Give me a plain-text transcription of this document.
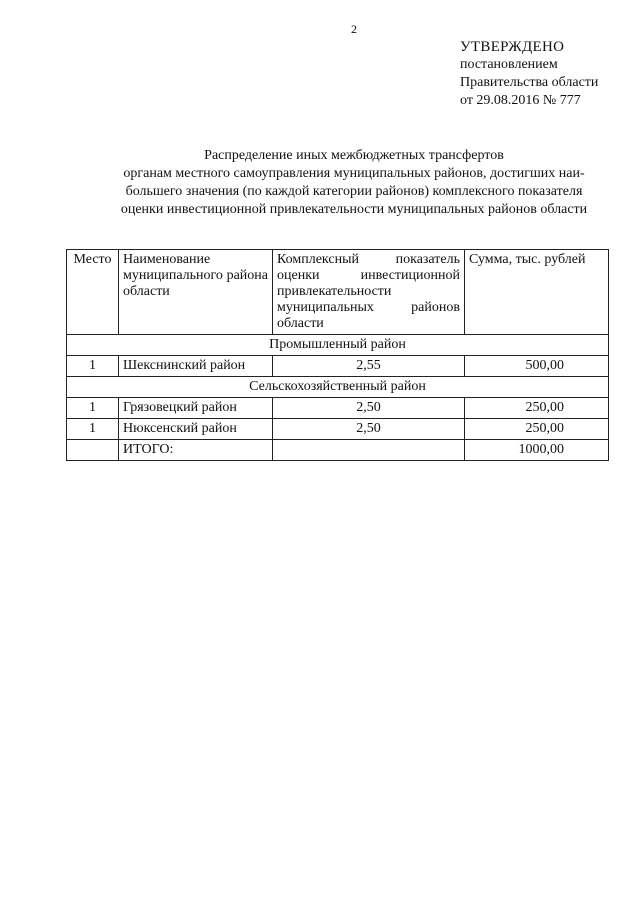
2
УТВЕРЖДЕНО
постановлением
Правительства области
от 29.08.2016 № 777
Распределение иных межбюджетных трансфертов
органам местного самоуправления муниципальных районов, достигших наи-
большего значения (по каждой категории районов) комплексного показателя
оценки инвестиционной привлекательности муниципальных районов области
Место	Наименование муниципального района области	Комплексный показатель оценки инвестиционной привлекательности муниципальных районов области	Сумма, тыс. рублей
Промышленный район			
1	Шекснинский район	2,55	500,00
Сельскохозяйственный район			
1	Грязовецкий район	2,50	250,00
1	Нюксенский район	2,50	250,00
	ИТОГО:		1000,00
